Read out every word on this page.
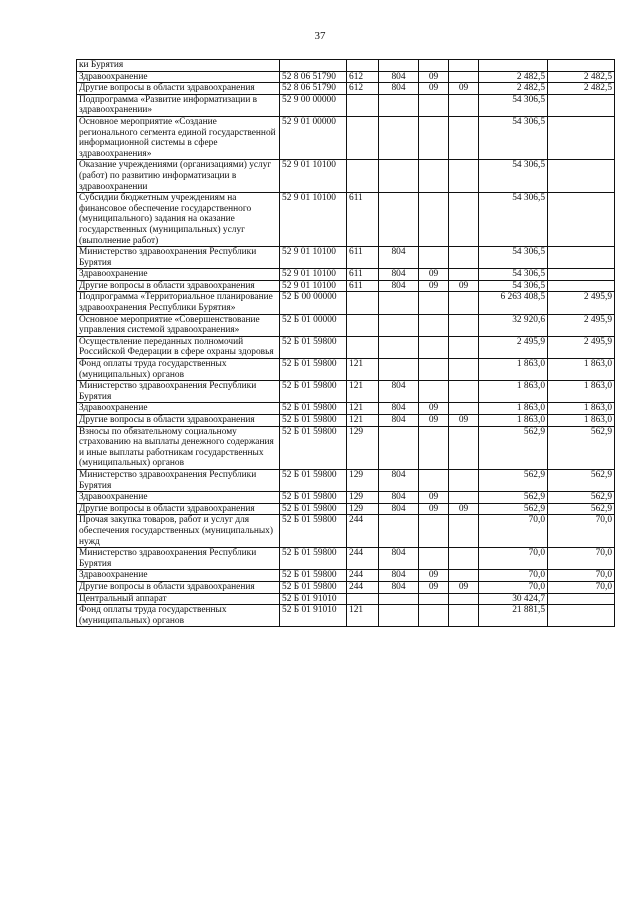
37
ки Бурятия							
Здравоохранение	52 8 06 51790	612	804	09		2 482,5	2 482,5
Другие вопросы в области здравоохранения	52 8 06 51790	612	804	09	09	2 482,5	2 482,5
Подпрограмма «Развитие информатизации в здравоохранении»	52 9 00 00000					54 306,5	
Основное мероприятие «Создание регионального сегмента единой государственной информационной системы в сфере здравоохранения»	52 9 01 00000					54 306,5	
Оказание учреждениями (организациями) услуг (работ) по развитию информатизации в здравоохранении	52 9 01 10100					54 306,5	
Субсидии бюджетным учреждениям на финансовое обеспечение государственного (муниципального) задания на оказание государственных (муниципальных) услуг (выполнение работ)	52 9 01 10100	611				54 306,5	
Министерство здравоохранения Республики Бурятия	52 9 01 10100	611	804			54 306,5	
Здравоохранение	52 9 01 10100	611	804	09		54 306,5	
Другие вопросы в области здравоохранения	52 9 01 10100	611	804	09	09	54 306,5	
Подпрограмма «Территориальное планирование здравоохранения Республики Бурятия»	52 Б 00 00000					6 263 408,5	2 495,9
Основное мероприятие «Совершенствование управления системой здравоохранения»	52 Б 01 00000					32 920,6	2 495,9
Осуществление переданных полномочий Российской Федерации в сфере охраны здоровья	52 Б 01 59800					2 495,9	2 495,9
Фонд оплаты труда государственных (муниципальных) органов	52 Б 01 59800	121				1 863,0	1 863,0
Министерство здравоохранения Республики Бурятия	52 Б 01 59800	121	804			1 863,0	1 863,0
Здравоохранение	52 Б 01 59800	121	804	09		1 863,0	1 863,0
Другие вопросы в области здравоохранения	52 Б 01 59800	121	804	09	09	1 863,0	1 863,0
Взносы по обязательному социальному страхованию на выплаты денежного содержания и иные выплаты работникам государственных (муниципальных) органов	52 Б 01 59800	129				562,9	562,9
Министерство здравоохранения Республики Бурятия	52 Б 01 59800	129	804			562,9	562,9
Здравоохранение	52 Б 01 59800	129	804	09		562,9	562,9
Другие вопросы в области здравоохранения	52 Б 01 59800	129	804	09	09	562,9	562,9
Прочая закупка товаров, работ и услуг для обеспечения государственных (муниципальных) нужд	52 Б 01 59800	244				70,0	70,0
Министерство здравоохранения Республики Бурятия	52 Б 01 59800	244	804			70,0	70,0
Здравоохранение	52 Б 01 59800	244	804	09		70,0	70,0
Другие вопросы в области здравоохранения	52 Б 01 59800	244	804	09	09	70,0	70,0
Центральный аппарат	52 Б 01 91010					30 424,7	
Фонд оплаты труда государственных (муниципальных) органов	52 Б 01 91010	121				21 881,5	
